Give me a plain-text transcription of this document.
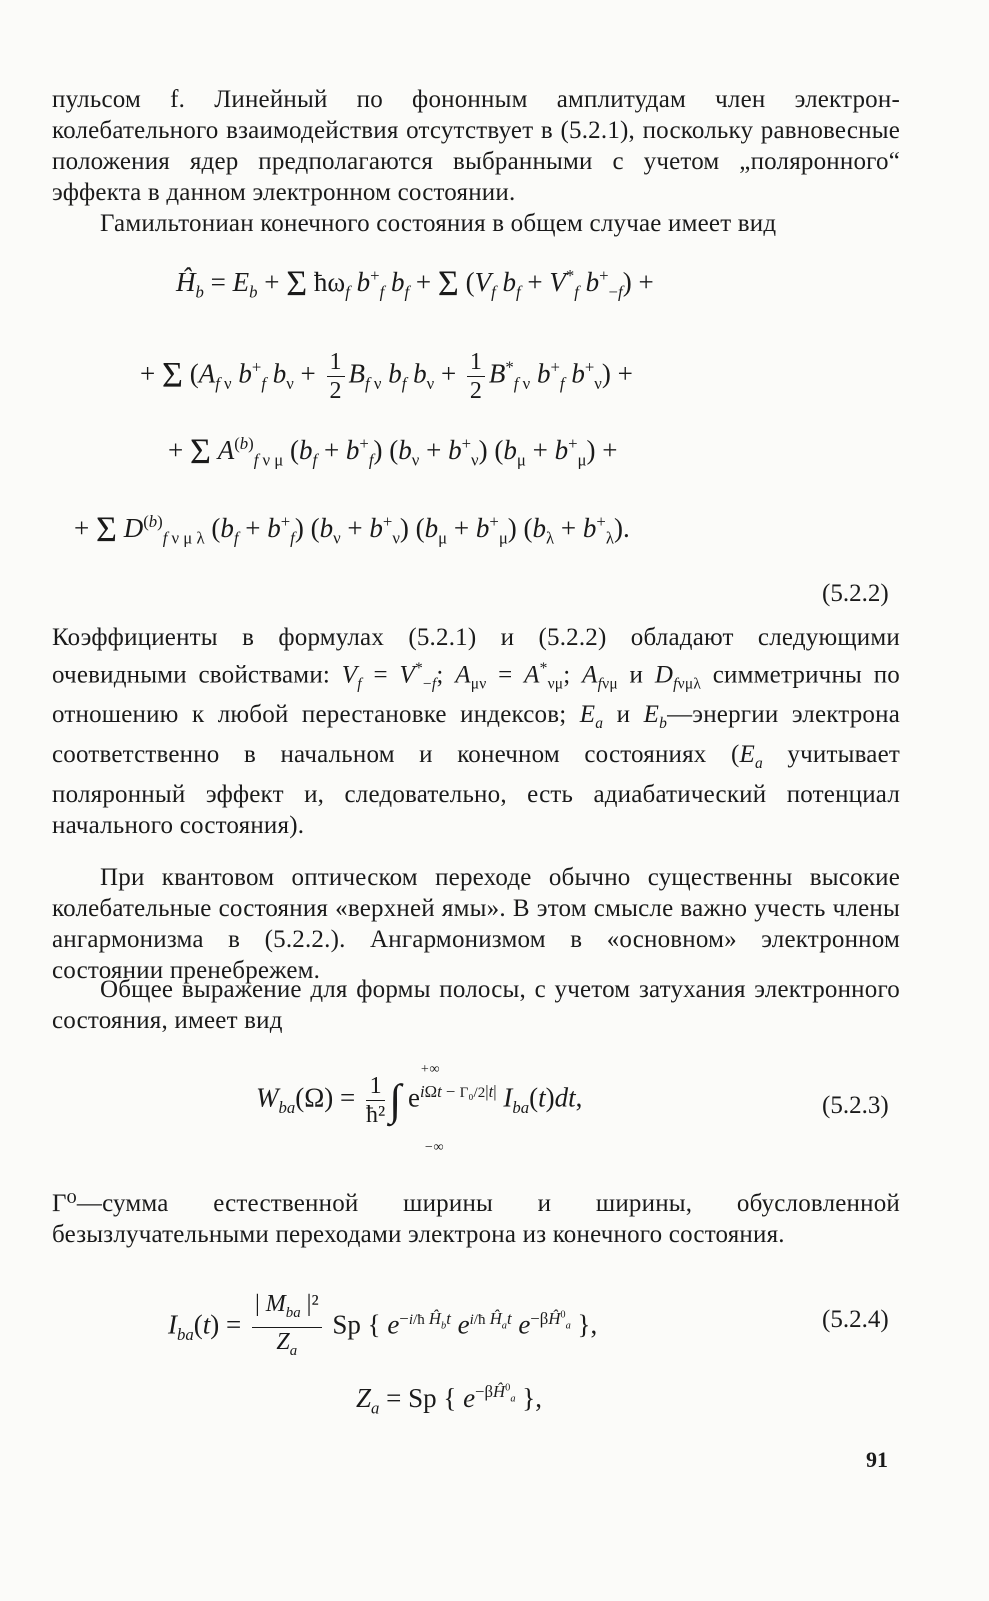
пульсом f. Линейный по фононным амплитудам член электрон-колебательного взаимодействия отсутствует в (5.2.1), поскольку равновесные положения ядер предполагаются выбранными с учетом „поляронного“ эффекта в данном электронном состоянии.
Гамильтониан конечного состояния в общем случае имеет вид
$Ĥ_b = E_b + \Sigma$ $ħ\omega_f$ $b^+_f$ $b_f + \Sigma$ ($V_f$ $b_f + V^*_f$ $b^+_{-f}$) +
+ Σ ($A_{f \nu}$ $b^+_f$ $b_\nu + \frac{1}{2} B_{f \nu}$ $b_f$ $b_\nu + \frac{1}{2} B^*_{f \nu}$ $b^+_f$ $b^+_\nu$) +
+ Σ $A^{(b)}_{f \nu \mu}$ $(b_f + b^+_f) (b_\nu + b^+_\nu) (b_\mu + b^+_\mu)$ +
+ Σ $D^{(b)}_{f \nu \mu \lambda}$ $(b_f + b^+_f) (b_\nu + b^+_\nu) (b_\mu + b^+_\mu) (b_\lambda + b^+_\lambda)$.
(5.2.2)
Коэффициенты в формулах (5.2.1) и (5.2.2) обладают следующими очевидными свойствами: $V_f = V^*_{-f}$; $A_{\mu\nu} = A^*_{\nu\mu}$; $A_{f\nu\mu}$ и $D_{f\nu\mu\lambda}$ симметричны по отношению к любой перестановке индексов; $E_a$ и $E_b—энергии$ электрона соответственно в начальном и конечном состояниях ($E_a$ учитывает поляронный эффект и, следовательно, есть адиабатический потенциал начального состояния).
При квантовом оптическом переходе обычно существенны высокие колебательные состояния «верхней ямы». В этом смысле важно учесть члены ангармонизма в (5.2.2.). Ангармонизмом в «основном» электронном состоянии пренебрежем.
Общее выражение для формы полосы, с учетом затухания электронного состояния, имеет вид
$W_{ba}(\Omega) = \frac{1}{\text{ħ²}}$ ∫ $e^{i\Omega t - \Gamma_0/2|t|}$ $I_{ba}(t)dt$,
+∞
−∞
(5.2.3)
Γ⁰—сумма естественной ширины и ширины, обусловленной безызлучательными переходами электрона из конечного состояния.
$I_{ba}(t) = \frac{| M_{ba} |^2}{Z_a}$ Sp { $e^{-i/ħ Ĥ_bt}$ $e^{i/ħ Ĥ_at}$ $e^{-\beta Ĥ^0_a}$ },	(5.2.4)
$Z_a = Sp$ { $e^{-\beta Ĥ^0_a}$ },
91
